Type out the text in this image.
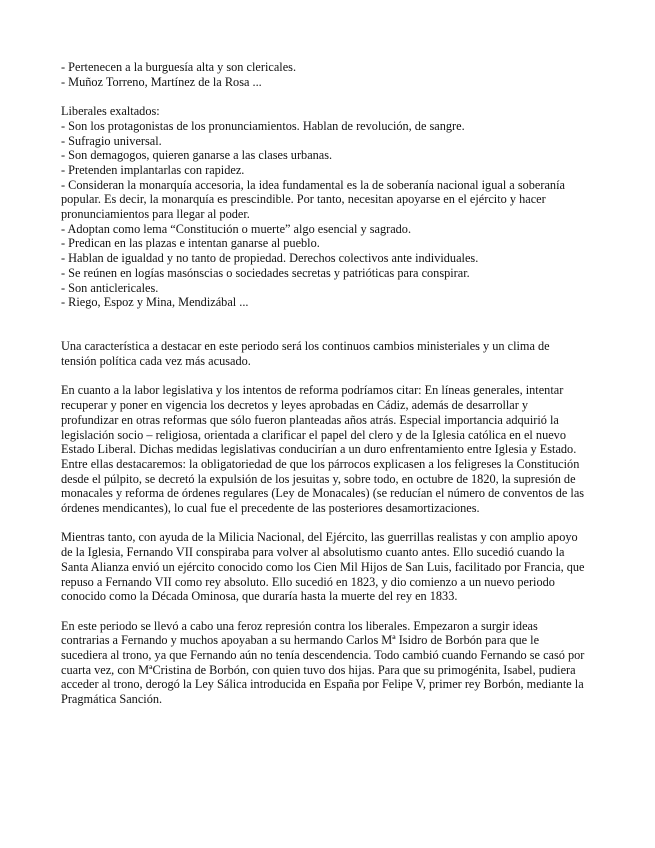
- Pertenecen a la burguesía alta y son clericales.

- Muñoz Torreno, Martínez de la Rosa ...

Liberales exaltados:

- Son los protagonistas de los pronunciamientos. Hablan de revolución, de sangre.

- Sufragio universal.

- Son demagogos, quieren ganarse a las clases urbanas.

- Pretenden implantarlas con rapidez.

- Consideran la monarquía accesoria, la idea fundamental es la de soberanía nacional igual a soberanía popular. Es decir, la monarquía es prescindible. Por tanto, necesitan apoyarse en el ejército y hacer pronunciamientos para llegar al poder.

- Adoptan como lema “Constitución o muerte” algo esencial y sagrado.

- Predican en las plazas e intentan ganarse al pueblo.

- Hablan de igualdad y no tanto de propiedad. Derechos colectivos ante individuales.

- Se reúnen en logías masónscias o sociedades secretas y patrióticas para conspirar.

- Son anticlericales.

- Riego, Espoz y Mina, Mendizábal ...

Una característica a destacar en este periodo será los continuos cambios ministeriales y un clima de tensión política cada vez más acusado.

En cuanto a la labor legislativa y los intentos de reforma podríamos citar: En líneas generales, intentar recuperar y poner en vigencia los decretos y leyes aprobadas en Cádiz, además de desarrollar y profundizar en otras reformas que sólo fueron planteadas años atrás. Especial importancia adquirió la legislación socio – religiosa, orientada a clarificar el papel del clero y de la Iglesia católica en el nuevo Estado Liberal. Dichas medidas legislativas conducirían a un duro enfrentamiento entre Iglesia y Estado. Entre ellas destacaremos: la obligatoriedad de que los párrocos explicasen a los feligreses la Constitución desde el púlpito, se decretó la expulsión de los jesuitas y, sobre todo, en octubre de 1820, la supresión de monacales y reforma de órdenes regulares (Ley de Monacales) (se reducían el número de conventos de las órdenes mendicantes), lo cual fue el precedente de las posteriores desamortizaciones.

Mientras tanto, con ayuda de la Milicia Nacional, del Ejército, las guerrillas realistas y con amplio apoyo de la Iglesia, Fernando VII conspiraba para volver al absolutismo cuanto antes. Ello sucedió cuando la Santa Alianza envió un ejército conocido como los Cien Mil Hijos de San Luis, facilitado por Francia, que repuso a Fernando VII como rey absoluto. Ello sucedió en 1823, y dio comienzo a un nuevo periodo conocido como la Década Ominosa, que duraría hasta la muerte del rey en 1833.

En este periodo se llevó a cabo una feroz represión contra los liberales. Empezaron a surgir ideas contrarias a Fernando y muchos apoyaban a su hermando Carlos Mª Isidro de Borbón para que le sucediera al trono, ya que Fernando aún no tenía descendencia. Todo cambió cuando Fernando se casó por cuarta vez, con MªCristina de Borbón, con quien tuvo dos hijas. Para que su primogénita, Isabel, pudiera acceder al trono, derogó la Ley Sálica introducida en España por Felipe V, primer rey Borbón, mediante la Pragmática Sanción.
